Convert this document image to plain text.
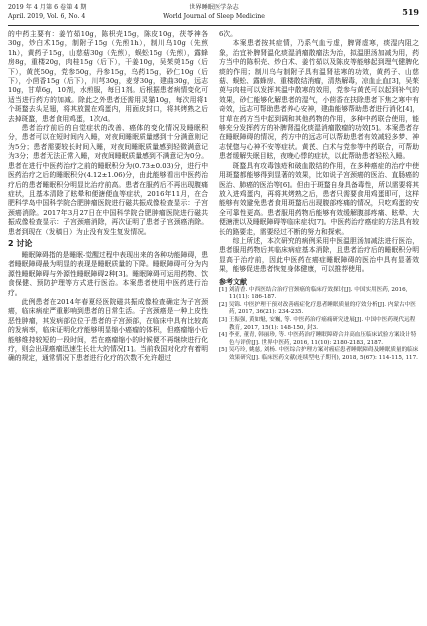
2019 年 4 月第 6 卷第 4 期
April. 2019, Vol. 6, No. 4
世界睡眠医学杂志
World Journal of Sleep Medicine	519

的中药主要有：姜竹茹10g，陈枳壳15g，陈皮10g，茯苓神各30g，炒白术15g，制附子15g（先煎1h），制川乌10g（先煎1h），黄药子15g，山慈菇30g（先煎），蜈蚣15g（先煎），露蜂房8g，重楼20g，肉桂15g（后下），干姜10g，吴茱萸15g（后下），黄芪50g，党参50g，丹参15g，乌药15g，砂仁10g（后下），小茴香15g（后下），川芎30g，麦芽30g，建曲30g，远志10g，甘草6g，10剂，水煎服，每日1剂。后根据患者病情变化可适当进行药方的加减。除此之外患者还需用灵猫10g，每次用将1个斑蝥去头足翅，将其放置在鸡蛋内，用面皮封口，将其烤熟之后去掉斑蝥，患者食用鸡蛋，1次/d。

患者治疗前后的自觉症状的改善、癌体的变化情况及睡眠积分，患者可以在短时间内入睡，对夜间睡眠质量感到十分满意则记为5分；患者需要较长时间入睡，对夜间睡眠质量感到轻微满意记为3分；患者无法正常入睡，对夜间睡眠质量感到不满意记为0分。患者在进行中医药治疗之前的睡眠积分为(0.73±0.03)分，进行中医药治疗之后的睡眠积分(4.12±1.06)分，由此能够看出中医药治疗后的患者睡眠积分明显比治疗前高。患者在服药后不再出现腹痛症状，且基本清除了眩晕和便溏便血等症状，2016年11月，在合肥科学岛中国科学院合肥肿瘤医院进行磁共振成像检查显示：子宫颈癌消除。2017年3月27日在中国科学院合肥肿瘤医院进行磁共振成像检查显示：子宫颈癌消除，再次证明了患者子宫颈癌消除。患者到现在（发稿日）为止没有发生复发情况。

2 讨论

睡眠障碍指的是睡眠-觉醒过程中表现出来的各种功能障碍，患者睡眠障碍最为明显的表现是睡眠质量的下降。睡眠障碍可分为内源性睡眠障碍与外源性睡眠障碍2种[3]。睡眠障碍可运用药物、饮食保健、预防护理等方式进行医治。本案患者使用中医药进行治疗。

此例患者在2014年春夏经医院磁共振成像检查确定为子宫颈癌，临床病症严重影响到患者的日常生活。子宫颈癌是一种上皮性恶性肿瘤，其发病部位位于患者的子宫颈部，在临床中具有比较高的发病率，临床证明化疗能够明显缩小癌瘤的体积，但癌瘤缩小后能够维持较短的一段时间，若在癌瘤缩小的时候便不再继续进行化疗，则会出现癌瘤迅速生长壮大的情况[1]。当前我国对化疗有着明确的规定，通常情况下患者进行化疗的次数不允许超过

6次。

本案患者按其症情，乃系气血亏虚，脾肾虚寒，痰湿内阻之象，治宜补脾肾温化痰湿消瘤散瘤法为治，拟温胆汤加减为用，药方当中的陈枳壳、炒白术、姜竹茹以及陈皮等能够起到理气健脾化痰的作用；制川乌与制附子具有温肾祛寒的功效，黄药子、山慈菇、蜈蚣、露蜂房、重楼散结消瘤，清热解毒，凉血止血[3]，吴茱萸与肉桂可以发挥其温中散寒的效用，党参与黄芪可以起到补气的效果，砂仁能够化解患者的湿气，小茴香在扶除患者下焦之寒中有奇效，远志可帮助患者养心安神，建曲能够帮助患者进行消化[4]，甘草在药方当中起到调和其他药物的作用，多种中药联合使用，能够充分发挥药方的补脾肾温化痰湿消瘤散瘤的功效[5]。本案患者存在睡眠障碍的情况，药方中的远志可以帮助患者有效减轻多梦、神志恍惚与心神不安等症状。黄芪、白术与党参等中药联合，可帮助患者缓解失眠目眩，夜晚心悸的症状，以此帮助患者轻松入睡。

斑蝥具有攻毒蚀疮和破血散结的作用，在多种癌症的治疗中使用斑蝥都能够得到显著的效果，比如说子宫颈癌的医治、直肠癌的医治、肺癌的医治等[6]。但由于斑蝥自身具备毒性，所以需要将其放入进鸡蛋内，再将其烤熟之后，患者只需要食用鸡蛋即可，这样能够有效避免患者食用斑蝥后出现腹部疼痛的情况，只吃鸡蛋的安全可靠性更高。患者服用药物后能够有效缓解腹部疼痛、眩晕、大便溏泄以及睡眠障碍等临床症状[7]。中医药治疗癌症的方法具有较长的路要走，需要经过不断的努力和探索。

综上所述，本次研究的病例采用中医温胆汤加减法进行医治，患者服用药物后其临床病症基本消除，且患者治疗后的睡眠积分明显高于治疗前，因此中医药在癌症睡眠障碍的医治中具有显著效果，能够促进患者恢复身体健康，可以推荐使用。

参考文献
[1] 刘清香. 中西医结合治疗宫颈癌的临床疗效探讨[J]. 中国实用医药, 2016, 11(11): 186-187.
[2] 吴锦. 中医护理干预对改善癌症化疗患者睡眠质量的疗效分析[J]. 内蒙古中医药, 2017, 36(21): 234-235.
[3] 王振强, 黄如魁, 安巍, 等. 中医药治疗癌痛研究进展[J]. 中国中医药现代远程教育, 2017, 15(1): 148-150, 封3.
[4] 李亚, 董青, 韩丽珍, 等. 中医药治疗睡眠障碍合并高血压临床试验方案设计特色与评价[J]. 世界中医药, 2016, 11(10): 2180-2183, 2187.
[5] 吴巧玲, 姚慈, 刘杨. 中医综合护理方案对癌症患者睡眠障碍及睡眠质量的临床效果研究[J]. 临床医药文献(连续型电子期刊), 2018, 5(67): 114-115, 117.
